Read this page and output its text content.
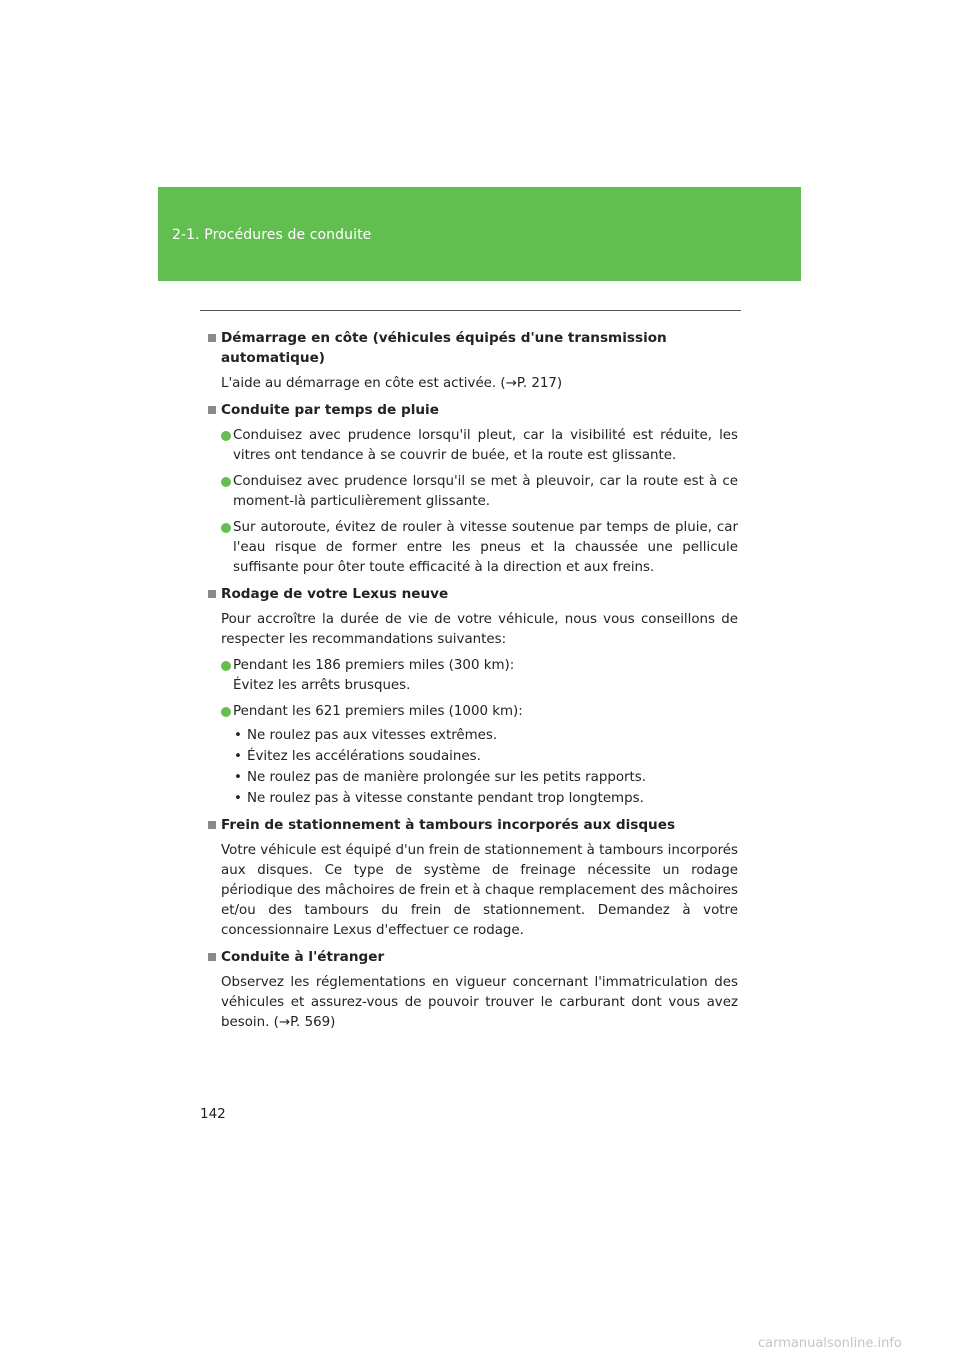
2-1. Procédures de conduite
Démarrage en côte (véhicules équipés d'une transmission automatique)
L'aide au démarrage en côte est activée. (→P. 217)
Conduite par temps de pluie
Conduisez avec prudence lorsqu'il pleut, car la visibilité est réduite, les vitres ont tendance à se couvrir de buée, et la route est glissante.
Conduisez avec prudence lorsqu'il se met à pleuvoir, car la route est à ce moment-là particulièrement glissante.
Sur autoroute, évitez de rouler à vitesse soutenue par temps de pluie, car l'eau risque de former entre les pneus et la chaussée une pellicule suffisante pour ôter toute efficacité à la direction et aux freins.
Rodage de votre Lexus neuve
Pour accroître la durée de vie de votre véhicule, nous vous conseillons de respecter les recommandations suivantes:
Pendant les 186 premiers miles (300 km):
Évitez les arrêts brusques.
Pendant les 621 premiers miles (1000 km):
• Ne roulez pas aux vitesses extrêmes.
• Évitez les accélérations soudaines.
• Ne roulez pas de manière prolongée sur les petits rapports.
• Ne roulez pas à vitesse constante pendant trop longtemps.
Frein de stationnement à tambours incorporés aux disques
Votre véhicule est équipé d'un frein de stationnement à tambours incorporés aux disques. Ce type de système de freinage nécessite un rodage périodique des mâchoires de frein et à chaque remplacement des mâchoires et/ou des tambours du frein de stationnement. Demandez à votre concessionnaire Lexus d'effectuer ce rodage.
Conduite à l'étranger
Observez les réglementations en vigueur concernant l'immatriculation des véhicules et assurez-vous de pouvoir trouver le carburant dont vous avez besoin. (→P. 569)
142
carmanualsonline.info
